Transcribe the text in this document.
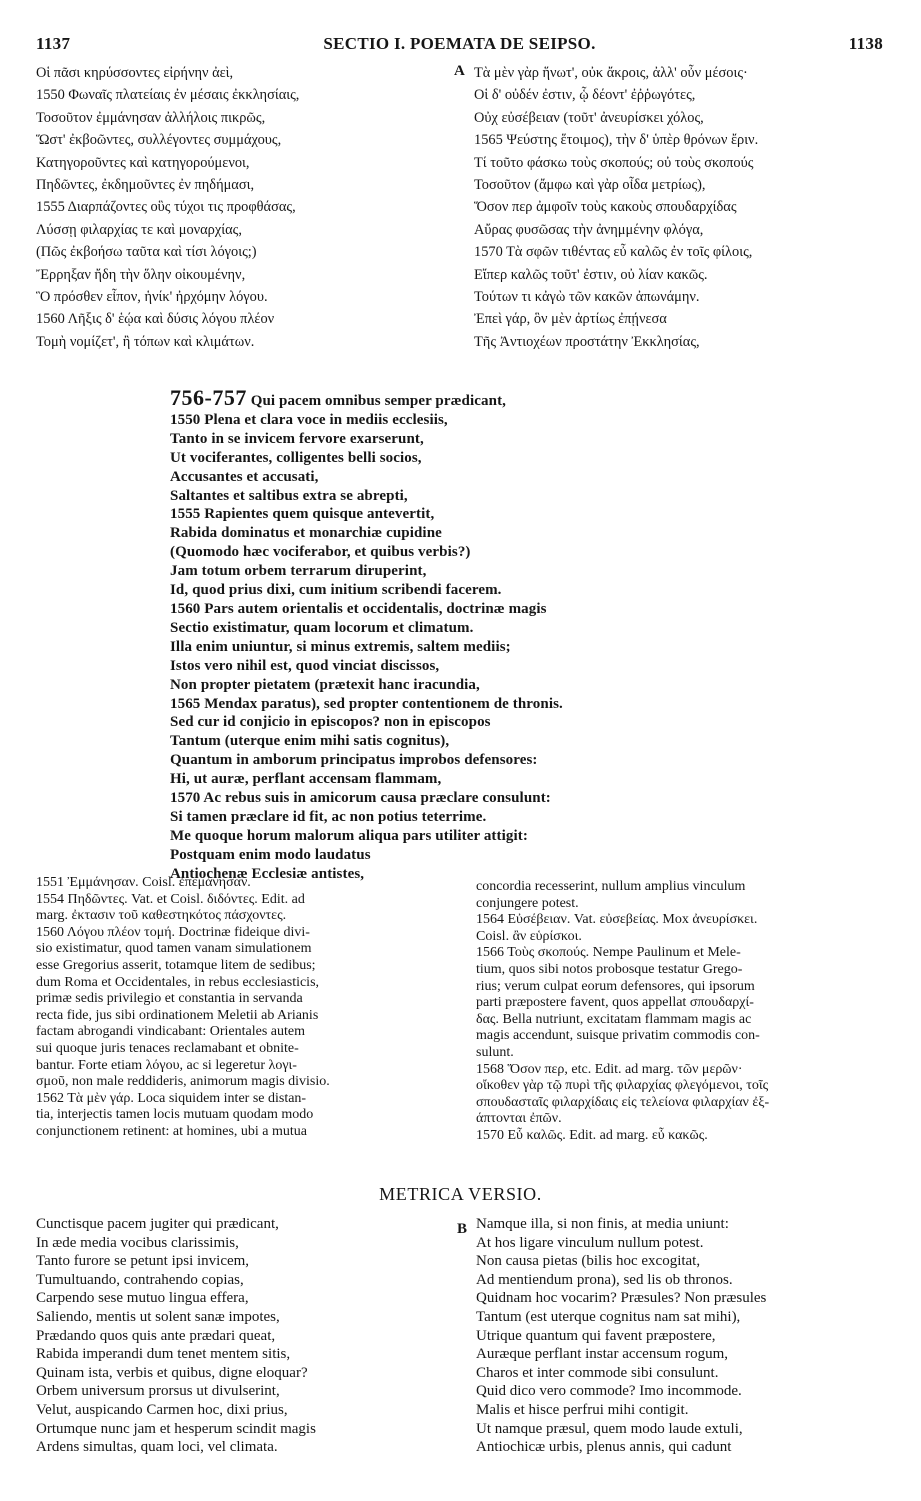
1137	SECTIO I. POEMATA DE SEIPSO.	1138
A
B
Οἱ πᾶσι κηρύσσοντες εἰρήνην ἀεὶ,
1550 Φωναῖς πλατείαις ἐν μέσαις ἐκκλησίαις,
Τοσοῦτον ἐμμάνησαν ἀλλήλοις πικρῶς,
Ὥστ' ἐκβοῶντες, συλλέγοντες συμμάχους,
Κατηγοροῦντες καὶ κατηγορούμενοι,
Πηδῶντες, ἐκδημοῦντες ἐν πηδήμασι,
1555 Διαρπάζοντες οὓς τύχοι τις προφθάσας,
Λύσσῃ φιλαρχίας τε καὶ μοναρχίας,
(Πῶς ἐκβοήσω ταῦτα καὶ τίσι λόγοις;)
Ἔρρηξαν ἤδη τὴν ὅλην οἰκουμένην,
Ὃ πρόσθεν εἶπον, ἡνίκ' ἠρχόμην λόγου.
1560 Λῆξις δ' ἑῴα καὶ δύσις λόγου πλέον
Τομὴ νομίζετ', ἢ τόπων καὶ κλιμάτων.
Τὰ μὲν γὰρ ἥνωτ', οὐκ ἄκροις, ἀλλ' οὖν μέσοις·
Οἱ δ' οὐδέν ἐστιν, ᾧ δέοντ' ἐῤῥωγότες,
Οὐχ εὐσέβειαν (τοῦτ' ἀνευρίσκει χόλος,
1565 Ψεύστης ἕτοιμος), τὴν δ' ὑπὲρ θρόνων ἔριν.
Τί τοῦτο φάσκω τοὺς σκοπούς; οὐ τοὺς σκοπούς
Τοσοῦτον (ἄμφω καὶ γὰρ οἶδα μετρίως),
Ὅσον περ ἀμφοῖν τοὺς κακοὺς σπουδαρχίδας
Αὔρας φυσῶσας τὴν ἀνημμένην φλόγα,
1570 Τὰ σφῶν τιθέντας εὖ καλῶς ἐν τοῖς φίλοις,
Εἴπερ καλῶς τοῦτ' ἐστιν, οὐ λίαν κακῶς.
Τούτων τι κἀγὼ τῶν κακῶν ἀπωνάμην.
Ἐπεὶ γάρ, ὃν μὲν ἀρτίως ἐπῄνεσα
Τῆς Ἀντιοχέων προστάτην Ἐκκλησίας,
756-757 Qui pacem omnibus semper prædicant,
1550 Plena et clara voce in mediis ecclesiis,
Tanto in se invicem fervore exarserunt,
Ut vociferantes, colligentes belli socios,
Accusantes et accusati,
Saltantes et saltibus extra se abrepti,
1555 Rapientes quem quisque antevertit,
Rabida dominatus et monarchiæ cupidine
(Quomodo hæc vociferabor, et quibus verbis?)
Jam totum orbem terrarum diruperint,
Id, quod prius dixi, cum initium scribendi facerem.
1560 Pars autem orientalis et occidentalis, doctrinæ magis
Sectio existimatur, quam locorum et climatum.
Illa enim uniuntur, si minus extremis, saltem mediis;
Istos vero nihil est, quod vinciat discissos,
Non propter pietatem (prætexit hanc iracundia,
1565 Mendax paratus), sed propter contentionem de thronis.
Sed cur id conjicio in episcopos? non in episcopos
Tantum (uterque enim mihi satis cognitus),
Quantum in amborum principatus improbos defensores:
Hi, ut auræ, perflant accensam flammam,
1570 Ac rebus suis in amicorum causa præclare consulunt:
Si tamen præclare id fit, ac non potius teterrime.
Me quoque horum malorum aliqua pars utiliter attigit:
Postquam enim modo laudatus
Antiochenæ Ecclesiæ antistes,
1551 Ἐμμάνησαν. Coisl. ἐπεμάνησαν.
1554 Πηδῶντες. Vat. et Coisl. διδόντες. Edit. ad
marg. ἐκτασιν τοῦ καθεστηκότος πάσχοντες.
1560 Λόγου πλέον τομή. Doctrinæ fideique divi-
sio existimatur, quod tamen vanam simulationem
esse Gregorius asserit, totamque litem de sedibus;
dum Roma et Occidentales, in rebus ecclesiasticis,
primæ sedis privilegio et constantia in servanda
recta fide, jus sibi ordinationem Meletii ab Arianis
factam abrogandi vindicabant: Orientales autem
sui quoque juris tenaces reclamabant et obnite-
bantur. Forte etiam λόγου, ac si legeretur λογι-
σμοῦ, non male reddideris, animorum magis divisio.
1562 Τὰ μὲν γάρ. Loca siquidem inter se distan-
tia, interjectis tamen locis mutuam quodam modo
conjunctionem retinent: at homines, ubi a mutua
concordia recesserint, nullum amplius vinculum
conjungere potest.
1564 Εὐσέβειαν. Vat. εὐσεβείας. Mox ἀνευρίσκει.
Coisl. ἂν εὑρίσκοι.
1566 Τοὺς σκοπούς. Nempe Paulinum et Mele-
tium, quos sibi notos probosque testatur Grego-
rius; verum culpat eorum defensores, qui ipsorum
parti præpostere favent, quos appellat σπουδαρχί-
δας. Bella nutriunt, excitatam flammam magis ac
magis accendunt, suisque privatim commodis con-
sulunt.
1568 Ὅσον περ, etc. Edit. ad marg. τῶν μερῶν·
οἴκοθεν γὰρ τῷ πυρὶ τῆς φιλαρχίας φλεγόμενοι, τοῖς
σπουδασταῖς φιλαρχίδαις εἰς τελείονα φιλαρχίαν ἐξ-
άπτονται ἐπῶν.
1570 Εὖ καλῶς. Edit. ad marg. εὖ κακῶς.
METRICA VERSIO.
Cunctisque pacem jugiter qui prædicant,
In æde media vocibus clarissimis,
Tanto furore se petunt ipsi invicem,
Tumultuando, contrahendo copias,
Carpendo sese mutuo lingua effera,
Saliendo, mentis ut solent sanæ impotes,
Prædando quos quis ante prædari queat,
Rabida imperandi dum tenet mentem sitis,
Quinam ista, verbis et quibus, digne eloquar?
Orbem universum prorsus ut divulserint,
Velut, auspicando Carmen hoc, dixi prius,
Ortumque nunc jam et hesperum scindit magis
Ardens simultas, quam loci, vel climata.
Namque illa, si non finis, at media uniunt:
At hos ligare vinculum nullum potest.
Non causa pietas (bilis hoc excogitat,
Ad mentiendum prona), sed lis ob thronos.
Quidnam hoc vocarim? Præsules? Non præsules
Tantum (est uterque cognitus nam sat mihi),
Utrique quantum qui favent præpostere,
Auræque perflant instar accensum rogum,
Charos et inter commode sibi consulunt.
Quid dico vero commode? Imo incommode.
Malis et hisce perfrui mihi contigit.
Ut namque præsul, quem modo laude extuli,
Antiochicæ urbis, plenus annis, qui cadunt
